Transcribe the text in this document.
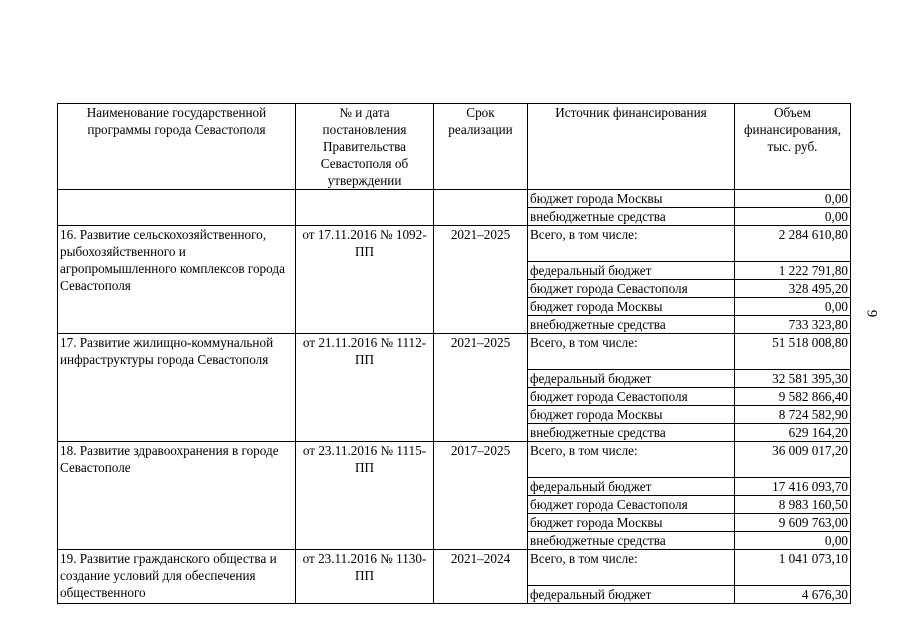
9
Наименование государственной программы города Севастополя	№ и дата постановления Правительства Севастополя об утверждении	Срок реализации	Источник финансирования	Объем финансирования, тыс. руб.
			бюджет города Москвы	0,00
			внебюджетные средства	0,00
16. Развитие сельскохозяйственного, рыбохозяйственного и агропромышленного комплексов города Севастополя	от 17.11.2016 № 1092-ПП	2021–2025	Всего, в том числе:	2 284 610,80
			федеральный бюджет	1 222 791,80
			бюджет города Севастополя	328 495,20
			бюджет города Москвы	0,00
			внебюджетные средства	733 323,80
17. Развитие жилищно-коммунальной инфраструктуры города Севастополя	от 21.11.2016 № 1112-ПП	2021–2025	Всего, в том числе:	51 518 008,80
			федеральный бюджет	32 581 395,30
			бюджет города Севастополя	9 582 866,40
			бюджет города Москвы	8 724 582,90
			внебюджетные средства	629 164,20
18. Развитие здравоохранения в городе Севастополе	от 23.11.2016 № 1115-ПП	2017–2025	Всего, в том числе:	36 009 017,20
			федеральный бюджет	17 416 093,70
			бюджет города Севастополя	8 983 160,50
			бюджет города Москвы	9 609 763,00
			внебюджетные средства	0,00
19. Развитие гражданского общества и создание условий для обеспечения общественного	от 23.11.2016 № 1130-ПП	2021–2024	Всего, в том числе:	1 041 073,10
			федеральный бюджет	4 676,30
